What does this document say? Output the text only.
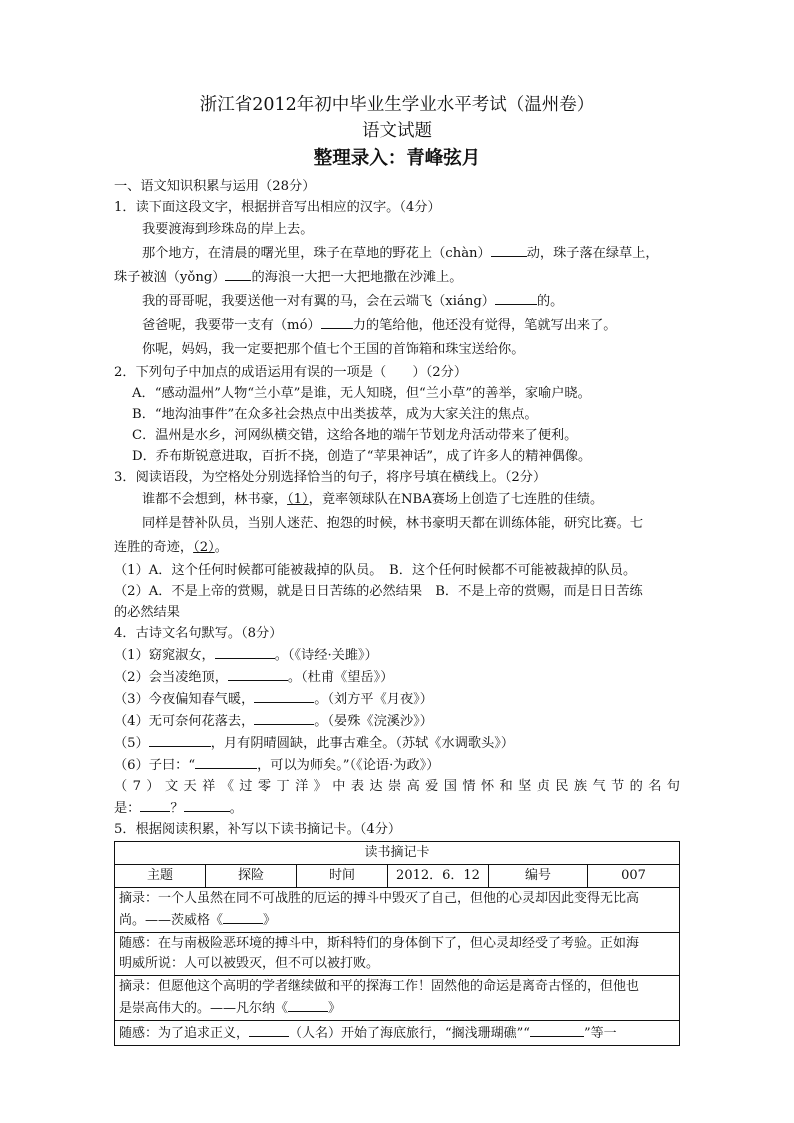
浙江省2012年初中毕业生学业水平考试（温州卷）
语文试题
整理录入：青峰弦月
一、语文知识积累与运用（28分）
1．读下面这段文字，根据拼音写出相应的汉字。（4分）
我要渡海到珍珠岛的岸上去。
那个地方，在清晨的曙光里，珠子在草地的野花上（chàn）	动，珠子落在绿草上，
珠子被汹（yǒng） 的海浪一大把一大把地撒在沙滩上。
我的哥哥呢，我要送他一对有翼的马，会在云端飞（xiáng）	的。
爸爸呢，我要带一支有（mó） 力的笔给他，他还没有觉得，笔就写出来了。
你呢，妈妈，我一定要把那个值七个王国的首饰箱和珠宝送给你。
2．下列句子中加点的成语运用有误的一项是（　　）（2分）
A．“感动温州”人物“兰小草”是谁，无人知晓，但“兰小草”的善举，家喻户晓。
B．“地沟油事件”在众多社会热点中出类拔萃，成为大家关注的焦点。
C．温州是水乡，河网纵横交错，这给各地的端午节划龙舟活动带来了便利。
D．乔布斯锐意进取，百折不挠，创造了“苹果神话”，成了许多人的精神偶像。
3．阅读语段，为空格处分别选择恰当的句子，将序号填在横线上。（2分）
谁都不会想到，林书豪，（1），竟率领球队在NBA赛场上创造了七连胜的佳绩。
同样是替补队员，当别人迷茫、抱怨的时候，林书豪明天都在训练体能，研究比赛。七
连胜的奇迹，（2）。
（1）A．这个任何时候都可能被裁掉的队员。　B．这个任何时候都不可能被裁掉的队员。
（2）A．不是上帝的赏赐，就是日日苦练的必然结果　B．不是上帝的赏赐，而是日日苦练
的必然结果
4．古诗文名句默写。（8分）
（1）窈窕淑女，	。（《诗经·关雎》）
（2）会当凌绝顶，	。（杜甫《望岳》）
（3）今夜偏知春气暖，	。（刘方平《月夜》）
（4）无可奈何花落去，	。（晏殊《浣溪沙》）
（5）	，月有阴晴圆缺，此事古难全。（苏轼《水调歌头》）
（6）子曰：“	，可以为师矣。”（《论语·为政》）
（7）文天祥《过零丁洋》中表达崇高爱国情怀和坚贞民族气节的名句
是： ？	。
5．根据阅读积累，补写以下读书摘记卡。（4分）
读书摘记卡
主题	探险	时间	2012．6．12	编号	007

摘录：一个人虽然在同不可战胜的厄运的搏斗中毁灭了自己，但他的心灵却因此变得无比高
尚。——茨威格《	》

随感：在与南极险恶环境的搏斗中，斯科特们的身体倒下了，但心灵却经受了考验。正如海
明威所说：人可以被毁灭，但不可以被打败。

摘录：但愿他这个高明的学者继续做和平的探海工作！固然他的命运是离奇古怪的，但他也
是崇高伟大的。——凡尔纳《	》

随感：为了追求正义，	（人名）开始了海底旅行，“搁浅珊瑚礁”“	”等一
